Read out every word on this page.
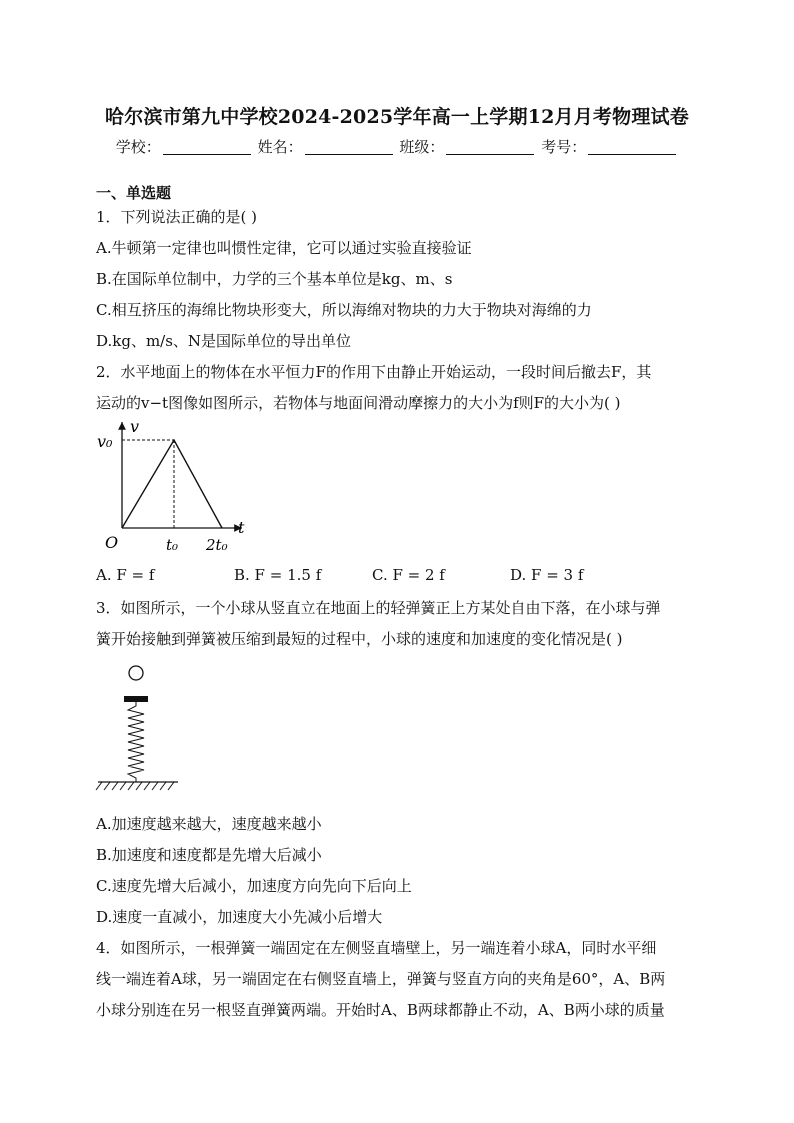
哈尔滨市第九中学校2024-2025学年高一上学期12月月考物理试卷
学校：	姓名：	班级：	考号：
一、单选题
1．下列说法正确的是( )
A.牛顿第一定律也叫惯性定律，它可以通过实验直接验证
B.在国际单位制中，力学的三个基本单位是kg、m、s
C.相互挤压的海绵比物块形变大，所以海绵对物块的力大于物块对海绵的力
D.kg、m/s、N是国际单位的导出单位
2．水平地面上的物体在水平恒力F的作用下由静止开始运动，一段时间后撤去F，其
运动的v−t图像如图所示，若物体与地面间滑动摩擦力的大小为f则F的大小为( )
v
t
v₀
O	t₀ 2t₀
A. F = f	B. F = 1.5 f	C. F = 2 f	D. F = 3 f
3．如图所示，一个小球从竖直立在地面上的轻弹簧正上方某处自由下落，在小球与弹
簧开始接触到弹簧被压缩到最短的过程中，小球的速度和加速度的变化情况是( )
A.加速度越来越大，速度越来越小
B.加速度和速度都是先增大后减小
C.速度先增大后减小，加速度方向先向下后向上
D.速度一直减小，加速度大小先减小后增大
4．如图所示，一根弹簧一端固定在左侧竖直墙壁上，另一端连着小球A，同时水平细
线一端连着A球，另一端固定在右侧竖直墙上，弹簧与竖直方向的夹角是60°，A、B两
小球分别连在另一根竖直弹簧两端。开始时A、B两球都静止不动，A、B两小球的质量
